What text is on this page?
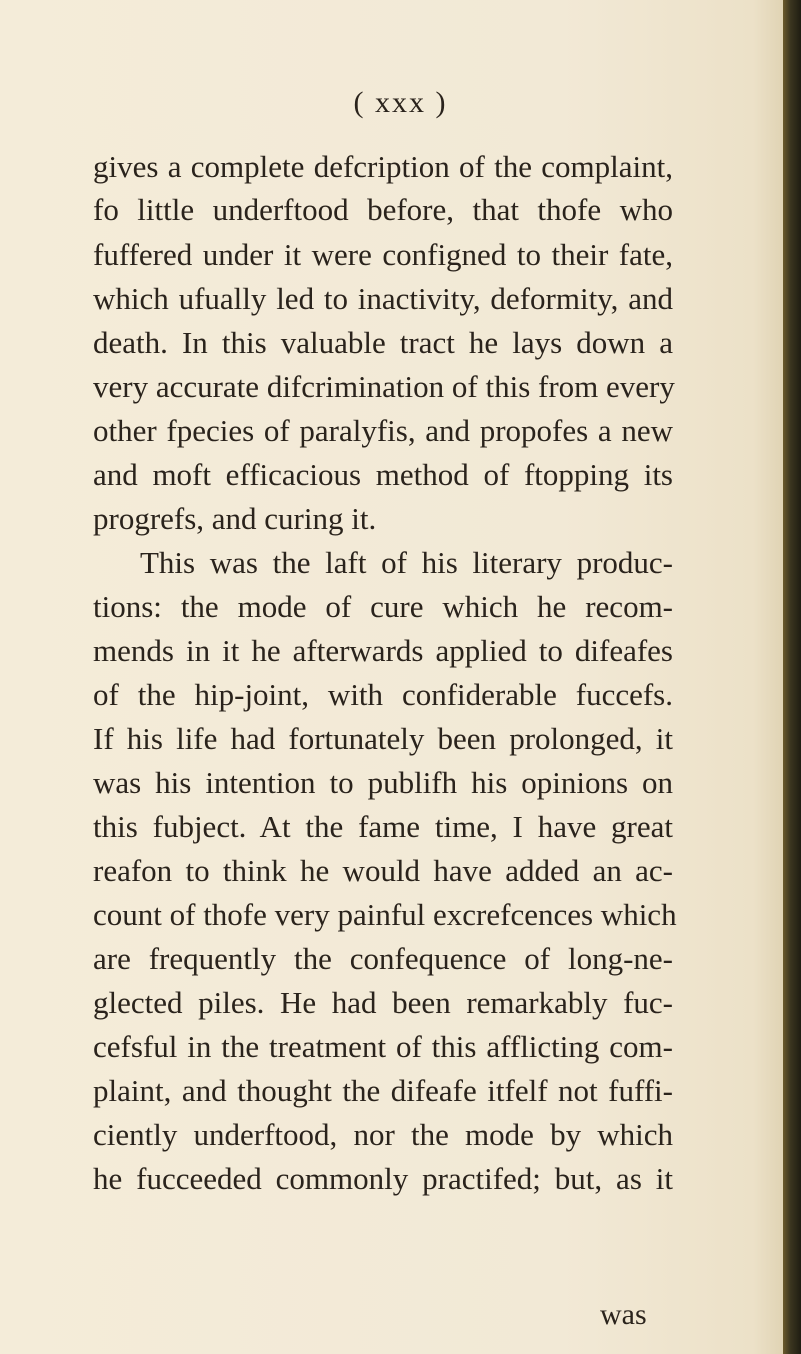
( xxx )
gives a complete defcription of the complaint,
fo little underftood before, that thofe who
fuffered under it were configned to their fate,
which ufually led to inactivity, deformity, and
death. In this valuable tract he lays down a
very accurate difcrimination of this from every
other fpecies of paralyfis, and propofes a new
and moft efficacious method of ftopping its
progrefs, and curing it.
This was the laft of his literary produc-
tions: the mode of cure which he recom-
mends in it he afterwards applied to difeafes
of the hip-joint, with confiderable fuccefs.
If his life had fortunately been prolonged, it
was his intention to publifh his opinions on
this fubject. At the fame time, I have great
reafon to think he would have added an ac-
count of thofe very painful excrefcences which
are frequently the confequence of long-ne-
glected piles. He had been remarkably fuc-
cefsful in the treatment of this afflicting com-
plaint, and thought the difeafe itfelf not fuffi-
ciently underftood, nor the mode by which
he fucceeded commonly practifed; but, as it
was
